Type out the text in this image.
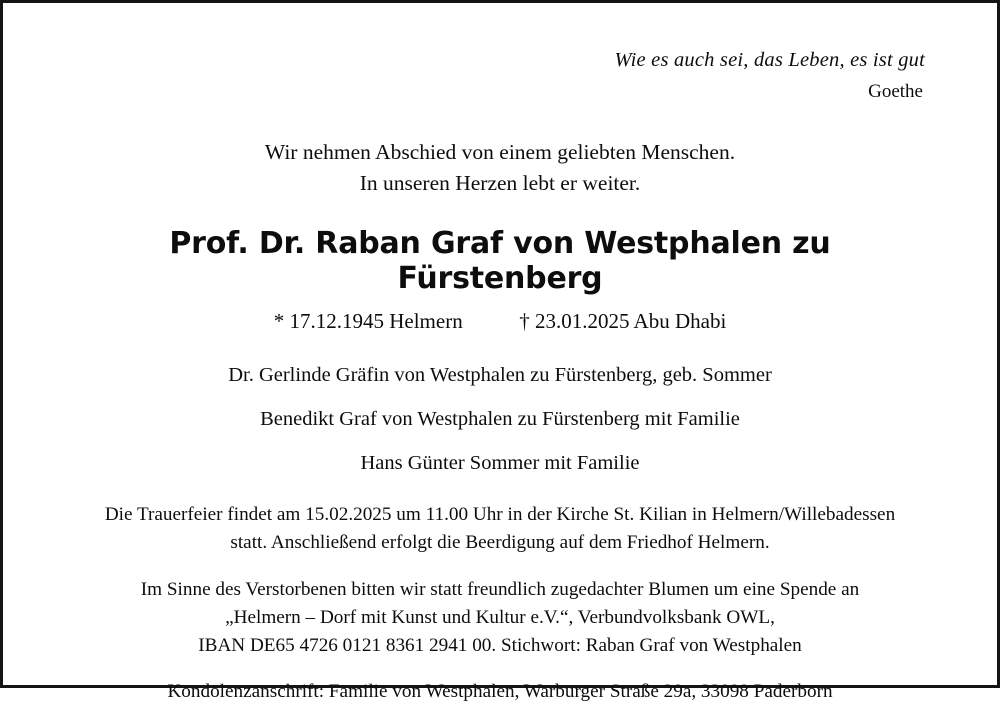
Wie es auch sei, das Leben, es ist gut
Goethe
Wir nehmen Abschied von einem geliebten Menschen.
In unseren Herzen lebt er weiter.
Prof. Dr. Raban Graf von Westphalen zu Fürstenberg
* 17.12.1945 Helmern	† 23.01.2025 Abu Dhabi
Dr. Gerlinde Gräfin von Westphalen zu Fürstenberg, geb. Sommer
Benedikt Graf von Westphalen zu Fürstenberg mit Familie
Hans Günter Sommer mit Familie

Die Trauerfeier findet am 15.02.2025 um 11.00 Uhr in der Kirche St. Kilian in Helmern/Willebadessen
statt. Anschließend erfolgt die Beerdigung auf dem Friedhof Helmern.

Im Sinne des Verstorbenen bitten wir statt freundlich zugedachter Blumen um eine Spende an
„Helmern – Dorf mit Kunst und Kultur e.V.“, Verbundvolksbank OWL,
IBAN DE65 4726 0121 8361 2941 00. Stichwort: Raban Graf von Westphalen

Kondolenzanschrift: Familie von Westphalen, Warburger Straße 29a, 33098 Paderborn
